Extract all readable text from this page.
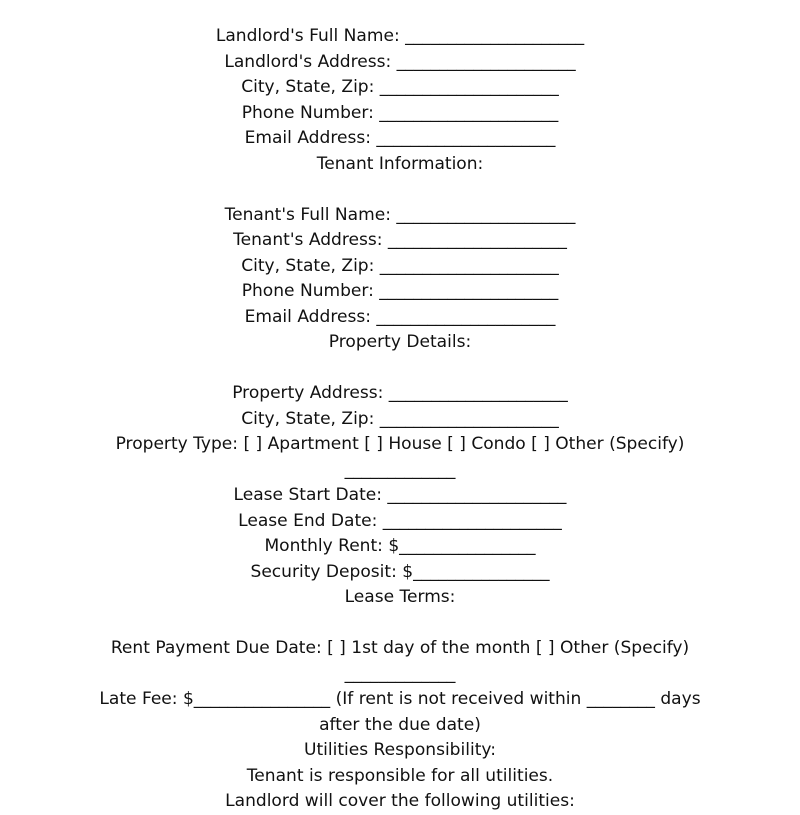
Landlord's Full Name: _____________________
Landlord's Address: _____________________
City, State, Zip: _____________________
Phone Number: _____________________
Email Address: _____________________
Tenant Information:
Tenant's Full Name: _____________________
Tenant's Address: _____________________
City, State, Zip: _____________________
Phone Number: _____________________
Email Address: _____________________
Property Details:
Property Address: _____________________
City, State, Zip: _____________________
Property Type: [ ] Apartment [ ] House [ ] Condo [ ] Other (Specify)
_____________
Lease Start Date: _____________________
Lease End Date: _____________________
Monthly Rent: $________________
Security Deposit: $________________
Lease Terms:
Rent Payment Due Date: [ ] 1st day of the month [ ] Other (Specify)
_____________
Late Fee: $________________ (If rent is not received within ________ days
after the due date)
Utilities Responsibility:
Tenant is responsible for all utilities.
Landlord will cover the following utilities:
